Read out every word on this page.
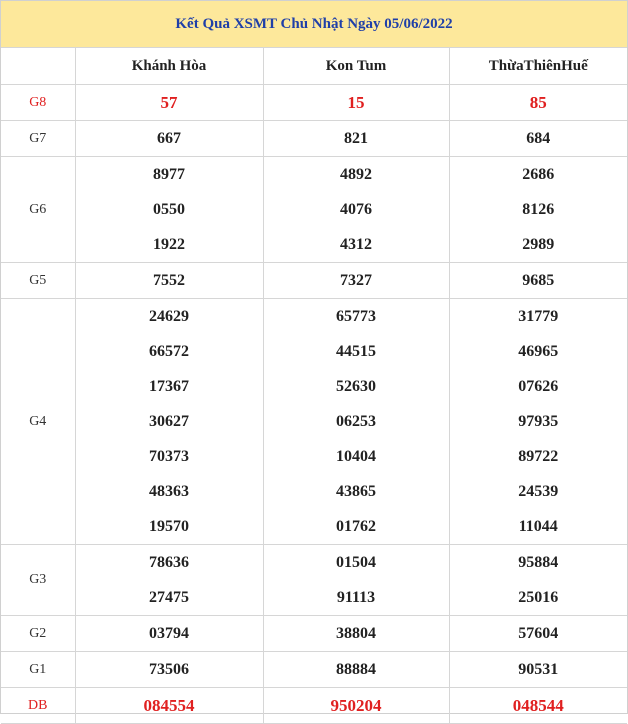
Kết Quả XSMT Chủ Nhật Ngày 05/06/2022			
	Khánh Hòa	Kon Tum	ThừaThiênHuế
G8	57	15	85
G7	667	821	684
G6	8977	4892	2686
	0550	4076	8126
	1922	4312	2989
G5	7552	7327	9685
G4	24629	65773	31779
	66572	44515	46965
	17367	52630	07626
	30627	06253	97935
	70373	10404	89722
	48363	43865	24539
	19570	01762	11044
G3	78636	01504	95884
	27475	91113	25016
G2	03794	38804	57604
G1	73506	88884	90531
DB	084554	950204	048544
